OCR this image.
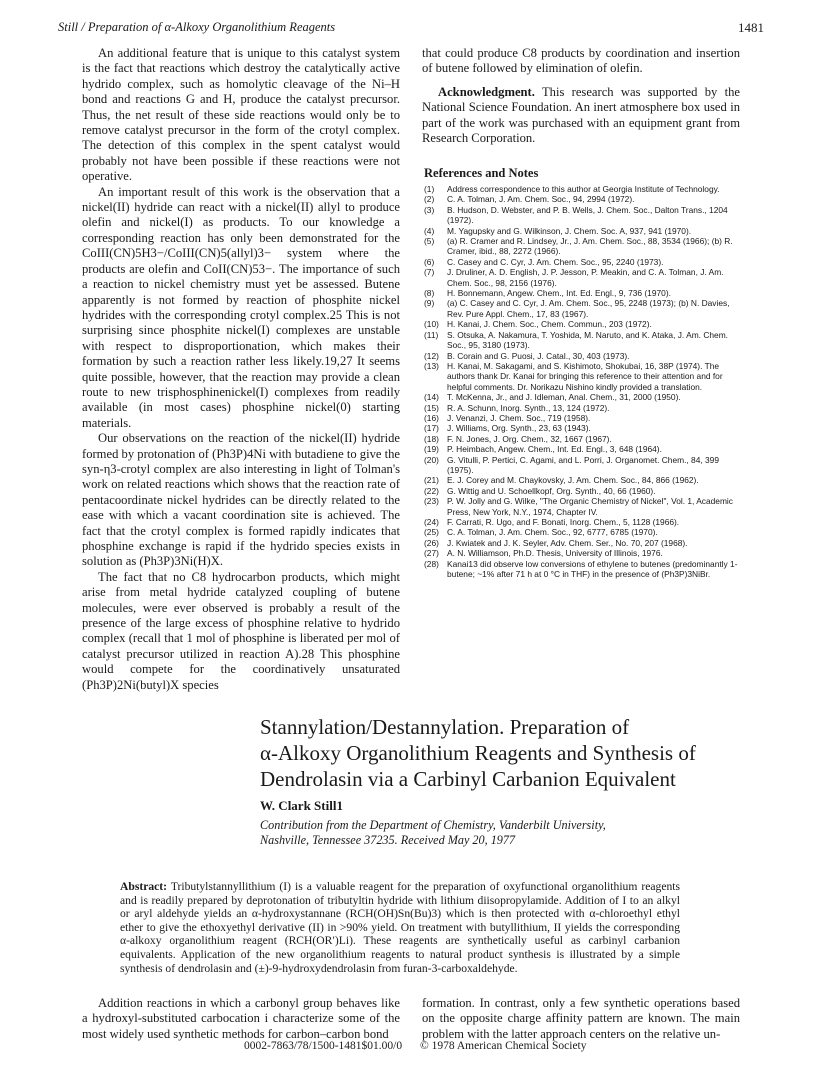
Still / Preparation of α-Alkoxy Organolithium Reagents	1481

An additional feature that is unique to this catalyst system is the fact that reactions which destroy the catalytically active hydrido complex, such as homolytic cleavage of the Ni–H bond and reactions G and H, produce the catalyst precursor. Thus, the net result of these side reactions would only be to remove catalyst precursor in the form of the crotyl complex. The detection of this complex in the spent catalyst would probably not have been possible if these reactions were not operative.

An important result of this work is the observation that a nickel(II) hydride can react with a nickel(II) allyl to produce olefin and nickel(I) as products. To our knowledge a corresponding reaction has only been demonstrated for the CoIII(CN)5H3−/CoIII(CN)5(allyl)3− system where the products are olefin and CoII(CN)53−. The importance of such a reaction to nickel chemistry must yet be assessed. Butene apparently is not formed by reaction of phosphite nickel hydrides with the corresponding crotyl complex.25 This is not surprising since phosphite nickel(I) complexes are unstable with respect to disproportionation, which makes their formation by such a reaction rather less likely.19,27 It seems quite possible, however, that the reaction may provide a clean route to new trisphosphinenickel(I) complexes from readily available (in most cases) phosphine nickel(0) starting materials.

Our observations on the reaction of the nickel(II) hydride formed by protonation of (Ph3P)4Ni with butadiene to give the syn-η3-crotyl complex are also interesting in light of Tolman's work on related reactions which shows that the reaction rate of pentacoordinate nickel hydrides can be directly related to the ease with which a vacant coordination site is achieved. The fact that the crotyl complex is formed rapidly indicates that phosphine exchange is rapid if the hydrido species exists in solution as (Ph3P)3Ni(H)X.

The fact that no C8 hydrocarbon products, which might arise from metal hydride catalyzed coupling of butene molecules, were ever observed is probably a result of the presence of the large excess of phosphine relative to hydrido complex (recall that 1 mol of phosphine is liberated per mol of catalyst precursor utilized in reaction A).28 This phosphine would compete for the coordinatively unsaturated (Ph3P)2Ni(butyl)X species

that could produce C8 products by coordination and insertion of butene followed by elimination of olefin.

Acknowledgment. This research was supported by the National Science Foundation. An inert atmosphere box used in part of the work was purchased with an equipment grant from Research Corporation.

References and Notes
(1) Address correspondence to this author at Georgia Institute of Technology.
(2) C. A. Tolman, J. Am. Chem. Soc., 94, 2994 (1972).
(3) B. Hudson, D. Webster, and P. B. Wells, J. Chem. Soc., Dalton Trans., 1204 (1972).
(4) M. Yagupsky and G. Wilkinson, J. Chem. Soc. A, 937, 941 (1970).
(5) (a) R. Cramer and R. Lindsey, Jr., J. Am. Chem. Soc., 88, 3534 (1966); (b) R. Cramer, ibid., 88, 2272 (1966).
(6) C. Casey and C. Cyr, J. Am. Chem. Soc., 95, 2240 (1973).
(7) J. Druliner, A. D. English, J. P. Jesson, P. Meakin, and C. A. Tolman, J. Am. Chem. Soc., 98, 2156 (1976).
(8) H. Bonnemann, Angew. Chem., Int. Ed. Engl., 9, 736 (1970).
(9) (a) C. Casey and C. Cyr, J. Am. Chem. Soc., 95, 2248 (1973); (b) N. Davies, Rev. Pure Appl. Chem., 17, 83 (1967).
(10) H. Kanai, J. Chem. Soc., Chem. Commun., 203 (1972).
(11) S. Otsuka, A. Nakamura, T. Yoshida, M. Naruto, and K. Ataka, J. Am. Chem. Soc., 95, 3180 (1973).
(12) B. Corain and G. Puosi, J. Catal., 30, 403 (1973).
(13) H. Kanai, M. Sakagami, and S. Kishimoto, Shokubai, 16, 38P (1974). The authors thank Dr. Kanai for bringing this reference to their attention and for helpful comments. Dr. Norikazu Nishino kindly provided a translation.
(14) T. McKenna, Jr., and J. Idleman, Anal. Chem., 31, 2000 (1950).
(15) R. A. Schunn, Inorg. Synth., 13, 124 (1972).
(16) J. Venanzi, J. Chem. Soc., 719 (1958).
(17) J. Williams, Org. Synth., 23, 63 (1943).
(18) F. N. Jones, J. Org. Chem., 32, 1667 (1967).
(19) P. Heimbach, Angew. Chem., Int. Ed. Engl., 3, 648 (1964).
(20) G. Vitulli, P. Pertici, C. Agami, and L. Porri, J. Organomet. Chem., 84, 399 (1975).
(21) E. J. Corey and M. Chaykovsky, J. Am. Chem. Soc., 84, 866 (1962).
(22) G. Wittig and U. Schoellkopf, Org. Synth., 40, 66 (1960).
(23) P. W. Jolly and G. Wilke, "The Organic Chemistry of Nickel", Vol. 1, Academic Press, New York, N.Y., 1974, Chapter IV.
(24) F. Carrati, R. Ugo, and F. Bonati, Inorg. Chem., 5, 1128 (1966).
(25) C. A. Tolman, J. Am. Chem. Soc., 92, 6777, 6785 (1970).
(26) J. Kwiatek and J. K. Seyler, Adv. Chem. Ser., No. 70, 207 (1968).
(27) A. N. Williamson, Ph.D. Thesis, University of Illinois, 1976.
(28) Kanai13 did observe low conversions of ethylene to butenes (predominantly 1-butene; ~1% after 71 h at 0 °C in THF) in the presence of (Ph3P)3NiBr.
Stannylation/Destannylation. Preparation of
α-Alkoxy Organolithium Reagents and Synthesis of
Dendrolasin via a Carbinyl Carbanion Equivalent
W. Clark Still1
Contribution from the Department of Chemistry, Vanderbilt University,
Nashville, Tennessee 37235. Received May 20, 1977
Abstract: Tributylstannyllithium (I) is a valuable reagent for the preparation of oxyfunctional organolithium reagents and is readily prepared by deprotonation of tributyltin hydride with lithium diisopropylamide. Addition of I to an alkyl or aryl aldehyde yields an α-hydroxystannane (RCH(OH)Sn(Bu)3) which is then protected with α-chloroethyl ethyl ether to give the ethoxyethyl derivative (II) in >90% yield. On treatment with butyllithium, II yields the corresponding α-alkoxy organolithium reagent (RCH(OR′)Li). These reagents are synthetically useful as carbinyl carbanion equivalents. Application of the new organolithium reagents to natural product synthesis is illustrated by a simple synthesis of dendrolasin and (±)-9-hydroxydendrolasin from furan-3-carboxaldehyde.

Addition reactions in which a carbonyl group behaves like a hydroxyl-substituted carbocation i characterize some of the most widely used synthetic methods for carbon–carbon bond

formation. In contrast, only a few synthetic operations based on the opposite charge affinity pattern are known. The main problem with the latter approach centers on the relative un-

0002-7863/78/1500-1481$01.00/0 © 1978 American Chemical Society
